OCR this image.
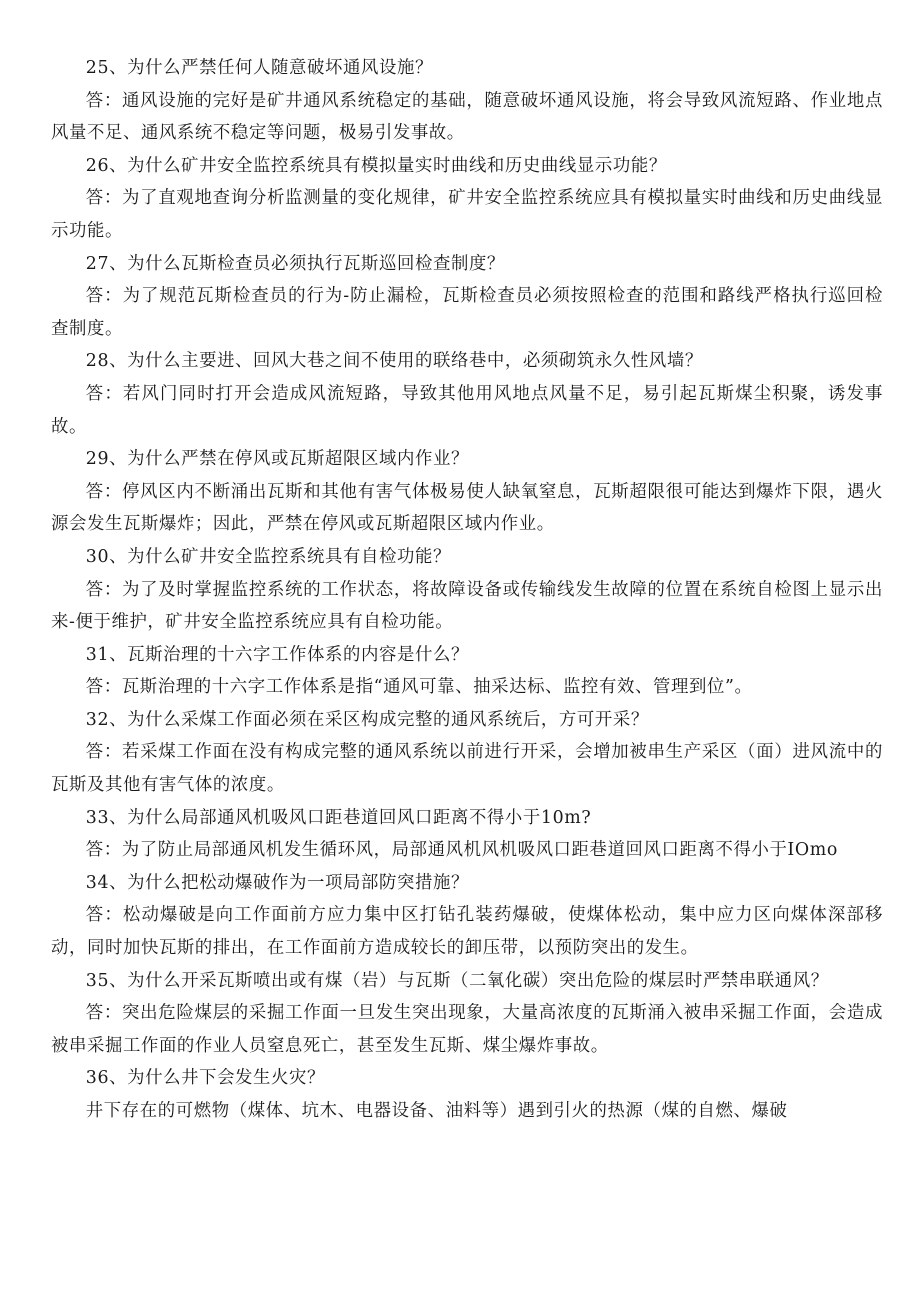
25、为什么严禁任何人随意破坏通风设施？

答：通风设施的完好是矿井通风系统稳定的基础，随意破坏通风设施，将会导致风流短路、作业地点风量不足、通风系统不稳定等问题，极易引发事故。

26、为什么矿井安全监控系统具有模拟量实时曲线和历史曲线显示功能？

答：为了直观地查询分析监测量的变化规律，矿井安全监控系统应具有模拟量实时曲线和历史曲线显示功能。

27、为什么瓦斯检查员必须执行瓦斯巡回检查制度？

答：为了规范瓦斯检查员的行为-防止漏检，瓦斯检查员必须按照检查的范围和路线严格执行巡回检查制度。

28、为什么主要进、回风大巷之间不使用的联络巷中，必须砌筑永久性风墙？

答：若风门同时打开会造成风流短路，导致其他用风地点风量不足，易引起瓦斯煤尘积聚，诱发事故。

29、为什么严禁在停风或瓦斯超限区域内作业？

答：停风区内不断涌出瓦斯和其他有害气体极易使人缺氧窒息，瓦斯超限很可能达到爆炸下限，遇火源会发生瓦斯爆炸；因此，严禁在停风或瓦斯超限区域内作业。

30、为什么矿井安全监控系统具有自检功能？

答：为了及时掌握监控系统的工作状态，将故障设备或传输线发生故障的位置在系统自检图上显示出来-便于维护，矿井安全监控系统应具有自检功能。

31、瓦斯治理的十六字工作体系的内容是什么？

答：瓦斯治理的十六字工作体系是指“通风可靠、抽采达标、监控有效、管理到位”。

32、为什么采煤工作面必须在采区构成完整的通风系统后，方可开采？

答：若采煤工作面在没有构成完整的通风系统以前进行开采，会增加被串生产采区（面）进风流中的瓦斯及其他有害气体的浓度。

33、为什么局部通风机吸风口距巷道回风口距离不得小于10m?

答：为了防止局部通风机发生循环风，局部通风机风机吸风口距巷道回风口距离不得小于IOmo

34、为什么把松动爆破作为一项局部防突措施？

答：松动爆破是向工作面前方应力集中区打钻孔装药爆破，使煤体松动，集中应力区向煤体深部移动，同时加快瓦斯的排出，在工作面前方造成较长的卸压带，以预防突出的发生。

35、为什么开采瓦斯喷出或有煤（岩）与瓦斯（二氧化碳）突出危险的煤层时严禁串联通风？

答：突出危险煤层的采掘工作面一旦发生突出现象，大量高浓度的瓦斯涌入被串采掘工作面，会造成被串采掘工作面的作业人员窒息死亡，甚至发生瓦斯、煤尘爆炸事故。

36、为什么井下会发生火灾？

井下存在的可燃物（煤体、坑木、电器设备、油料等）遇到引火的热源（煤的自燃、爆破
